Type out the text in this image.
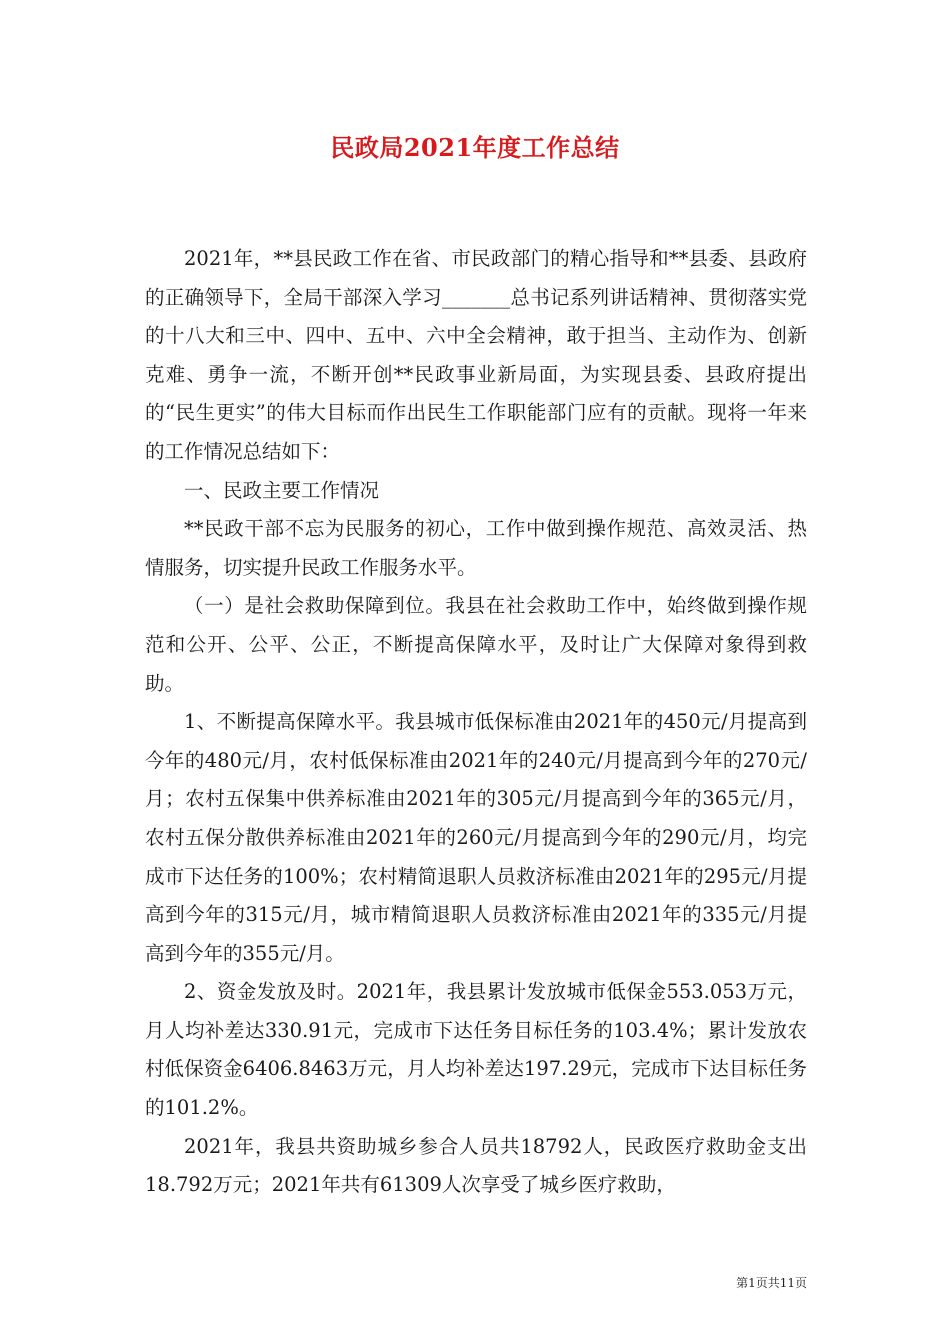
民政局2021年度工作总结

2021年，**县民政工作在省、市民政部门的精心指导和**县委、县政府的正确领导下，全局干部深入学习_______总书记系列讲话精神、贯彻落实党的十八大和三中、四中、五中、六中全会精神，敢于担当、主动作为、创新克难、勇争一流，不断开创**民政事业新局面，为实现县委、县政府提出的“民生更实”的伟大目标而作出民生工作职能部门应有的贡献。现将一年来的工作情况总结如下：

一、民政主要工作情况

**民政干部不忘为民服务的初心，工作中做到操作规范、高效灵活、热情服务，切实提升民政工作服务水平。

（一）是社会救助保障到位。我县在社会救助工作中，始终做到操作规范和公开、公平、公正，不断提高保障水平，及时让广大保障对象得到救助。

1、不断提高保障水平。我县城市低保标准由2021年的450元/月提高到今年的480元/月，农村低保标准由2021年的240元/月提高到今年的270元/月；农村五保集中供养标准由2021年的305元/月提高到今年的365元/月，农村五保分散供养标准由2021年的260元/月提高到今年的290元/月，均完成市下达任务的100%；农村精简退职人员救济标准由2021年的295元/月提高到今年的315元/月，城市精简退职人员救济标准由2021年的335元/月提高到今年的355元/月。

2、资金发放及时。2021年，我县累计发放城市低保金553.053万元，月人均补差达330.91元，完成市下达任务目标任务的103.4%；累计发放农村低保资金6406.8463万元，月人均补差达197.29元，完成市下达目标任务的101.2%。

2021年，我县共资助城乡参合人员共18792人，民政医疗救助金支出18.792万元；2021年共有61309人次享受了城乡医疗救助，

第1页共11页
